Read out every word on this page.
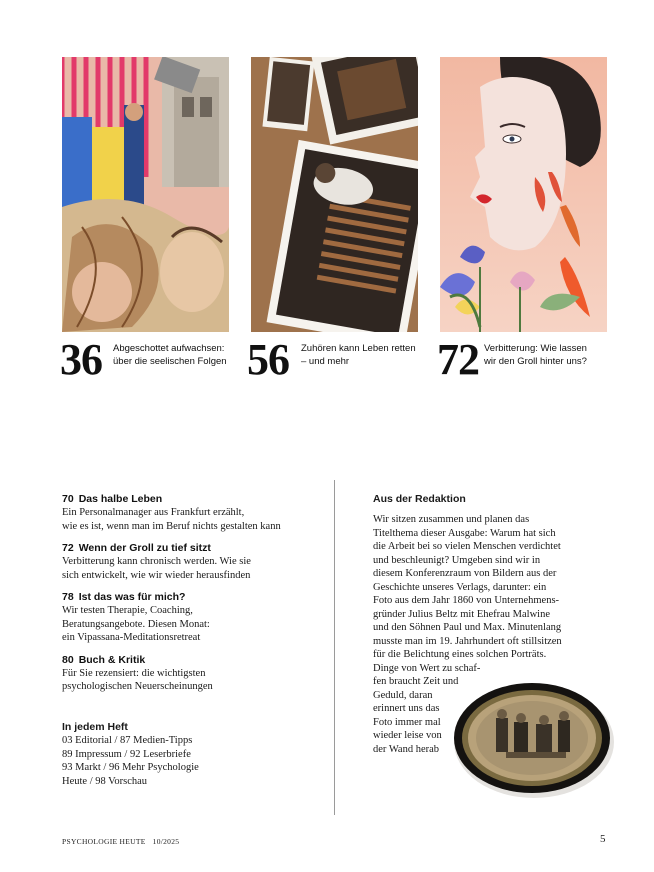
36 Abgeschottet aufwachsen:
über die seelischen Folgen 56 Zuhören kann Leben retten
– und mehr	72 Verbitterung: Wie lassen
wir den Groll hinter uns?
70 Das halbe Leben
Ein Personalmanager aus Frankfurt erzählt,
wie es ist, wenn man im Beruf nichts gestalten kann
72 Wenn der Groll zu tief sitzt
Verbitterung kann chronisch werden. Wie sie
sich entwickelt, wie wir wieder herausfinden
78 Ist das was für mich?
Wir testen Therapie, Coaching,
Beratungsangebote. Diesen Monat:
ein Vipassana-Meditationsretreat
80 Buch & Kritik
Für Sie rezensiert: die wichtigsten
psychologischen Neuerscheinungen
In jedem Heft
03 Editorial / 87 Medien-Tipps
89 Impressum / 92 Leserbriefe
93 Markt / 96 Mehr Psychologie
Heute / 98 Vorschau
Aus der Redaktion
Wir sitzen zusammen und planen das
Titelthema dieser Ausgabe: Warum hat sich
die Arbeit bei so vielen Menschen verdichtet
und beschleunigt? Umgeben sind wir in
diesem Konferenzraum von Bildern aus der
Geschichte unseres Verlags, darunter: ein
Foto aus dem Jahr 1860 von Unternehmens-
gründer Julius Beltz mit Ehefrau Malwine
und den Söhnen Paul und Max. Minutenlang
musste man im 19. Jahrhundert oft stillsitzen
für die Belichtung eines solchen Porträts.
Dinge von Wert zu schaf-
fen braucht Zeit und
Geduld, daran
erinnert uns das
Foto immer mal
wieder leise von
der Wand herab
PSYCHOLOGIE HEUTE 10/2025	5
